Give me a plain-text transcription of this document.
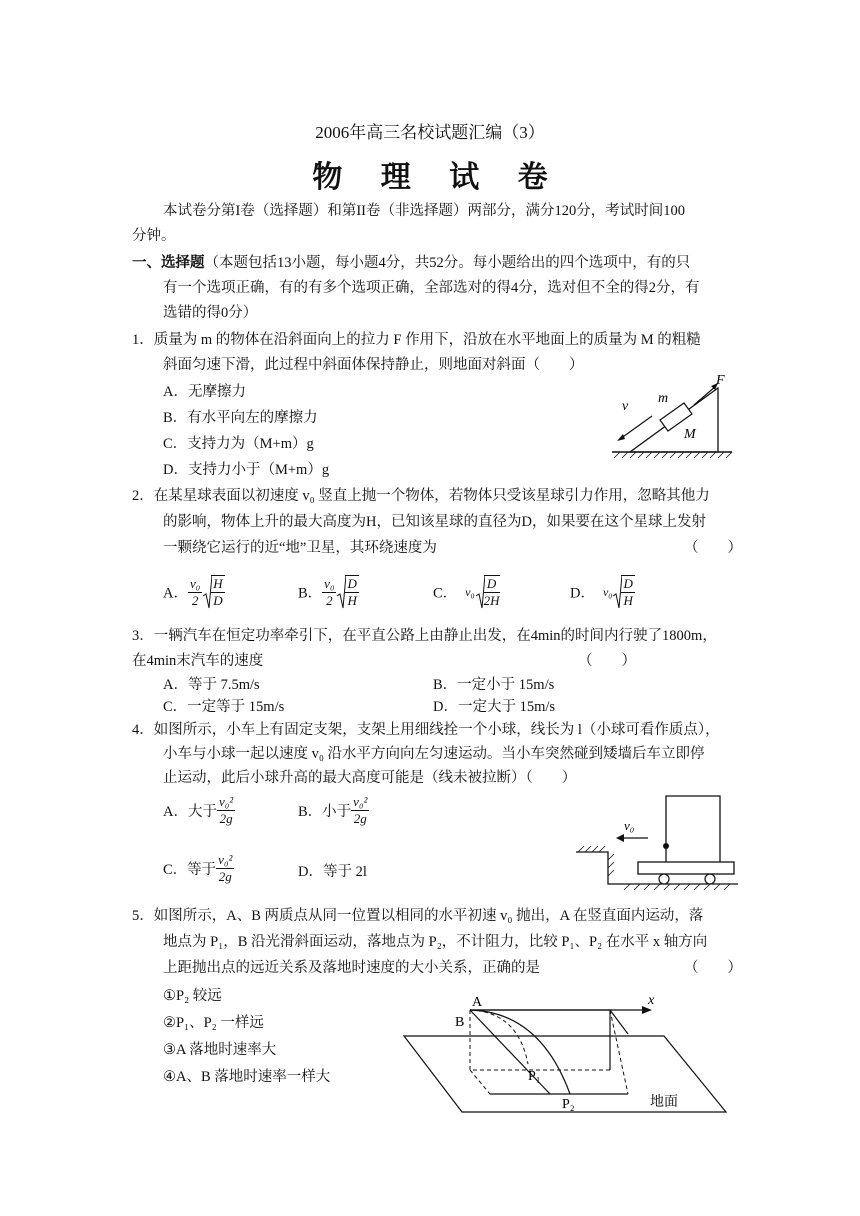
2006年高三名校试题汇编（3）
物 理 试 卷
本试卷分第I卷（选择题）和第II卷（非选择题）两部分，满分120分，考试时间100
分钟。
一、选择题（本题包括13小题，每小题4分，共52分。每小题给出的四个选项中，有的只
有一个选项正确，有的有多个选项正确，全部选对的得4分，选对但不全的得2分，有
选错的得0分）
1．质量为 m 的物体在沿斜面向上的拉力 F 作用下，沿放在水平地面上的质量为 M 的粗糙
斜面匀速下滑，此过程中斜面体保持静止，则地面对斜面（　　）
A．无摩擦力
B．有水平向左的摩擦力
C．支持力为（M+m）g
D．支持力小于（M+m）g
m
M
F
v
2．在某星球表面以初速度 v₀ 竖直上抛一个物体，若物体只受该星球引力作用，忽略其他力
的影响，物体上升的最大高度为H，已知该星球的直径为D，如果要在这个星球上发射
一颗绕它运行的近“地”卫星，其环绕速度为	（　　）
A． $\frac{\text{v₀}}{2} \frac{H}{D}$	B． $\frac{\text{v₀}}{2} \frac{D}{H}$	C． $v_0 \frac{D}{2H}$	D． $v_0 \frac{D}{H}$
3．一辆汽车在恒定功率牵引下，在平直公路上由静止出发，在4min的时间内行驶了1800m，
在4min末汽车的速度	（　　）
A．等于 7.5m/s	B．一定小于 15m/s
C．一定等于 15m/s	D．一定大于 15m/s
4．如图所示，小车上有固定支架，支架上用细线拴一个小球，线长为 l（小球可看作质点），
小车与小球一起以速度 v₀ 沿水平方向向左匀速运动。当小车突然碰到矮墙后车立即停
止运动，此后小球升高的最大高度可能是（线未被拉断）（　　）
A．大于 $\frac{\text{v₀²}}{2g}$	B．小于 $\frac{\text{v₀²}}{2g}$
C．等于 $\frac{\text{v₀²}}{2g}$	D．等于 2l
v₀
5．如图所示，A、B 两质点从同一位置以相同的水平初速 v₀ 抛出，A 在竖直面内运动，落
地点为 P₁，B 沿光滑斜面运动，落地点为 P₂，不计阻力，比较 P₁、P₂ 在水平 x 轴方向
上距抛出点的远近关系及落地时速度的大小关系，正确的是	（　　）
①P₂ 较远
②P₁、P₂ 一样远
③A 落地时速率大
④A、B 落地时速率一样大
A
B
x
P₁
P₂	地面
